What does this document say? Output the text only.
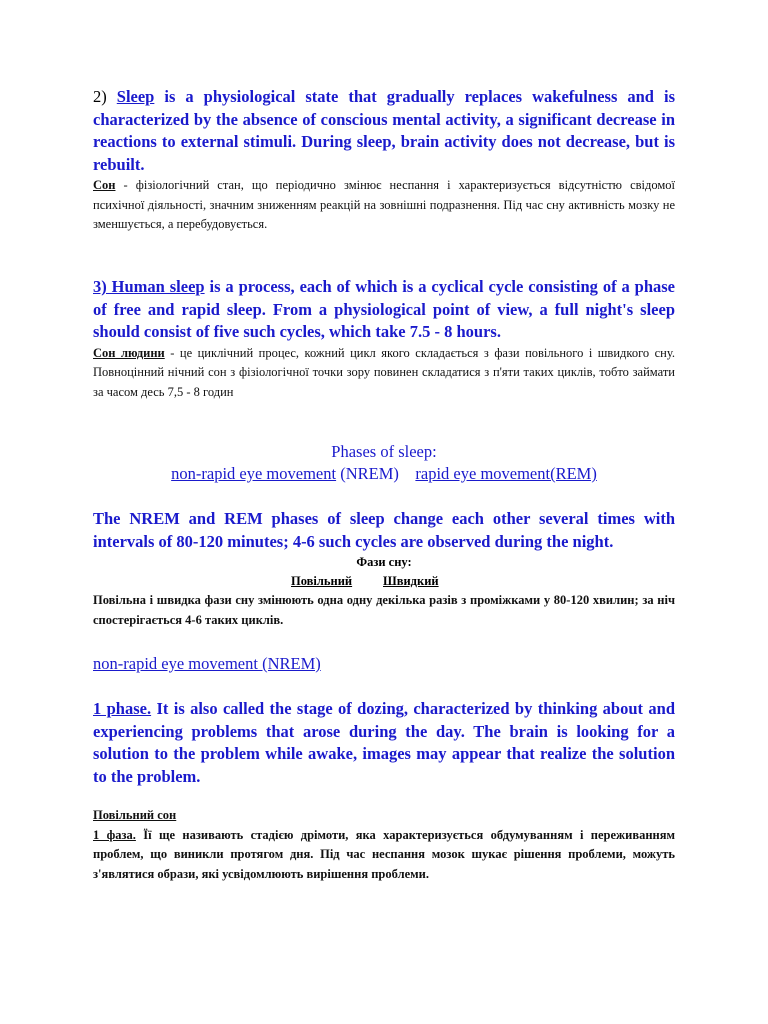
2) Sleep is a physiological state that gradually replaces wakefulness and is characterized by the absence of conscious mental activity, a significant decrease in reactions to external stimuli. During sleep, brain activity does not decrease, but is rebuilt.

Сон - фізіологічний стан, що періодично змінює неспання і характеризується відсутністю свідомої психічної діяльності, значним зниженням реакцій на зовнішні подразнення. Під час сну активність мозку не зменшується, а перебудовується.

3) Human sleep is a process, each of which is a cyclical cycle consisting of a phase of free and rapid sleep. From a physiological point of view, a full night's sleep should consist of five such cycles, which take 7.5 - 8 hours.

Сон людини - це циклічний процес, кожний цикл якого складається з фази повільного і швидкого сну. Повноцінний нічний сон з фізіологічної точки зору повинен складатися з п'яти таких циклів, тобто займати за часом десь 7,5 - 8 годин

Phases of sleep:

non-rapid eye movement (NREM) rapid eye movement(REM)

The NREM and REM phases of sleep change each other several times with intervals of 80-120 minutes; 4-6 such cycles are observed during the night.

Фази сну:

Повільний Швидкий

Повільна і швидка фази сну змінюють одна одну декілька разів з проміжками у 80-120 хвилин; за ніч спостерігається 4-6 таких циклів.

non-rapid eye movement (NREM)

1 phase. It is also called the stage of dozing, characterized by thinking about and experiencing problems that arose during the day. The brain is looking for a solution to the problem while awake, images may appear that realize the solution to the problem.

Повільний сон

1 фаза. Її ще називають стадією дрімоти, яка характеризується обдумуванням і переживанням проблем, що виникли протягом дня. Під час неспання мозок шукає рішення проблеми, можуть з'являтися образи, які усвідомлюють вирішення проблеми.
